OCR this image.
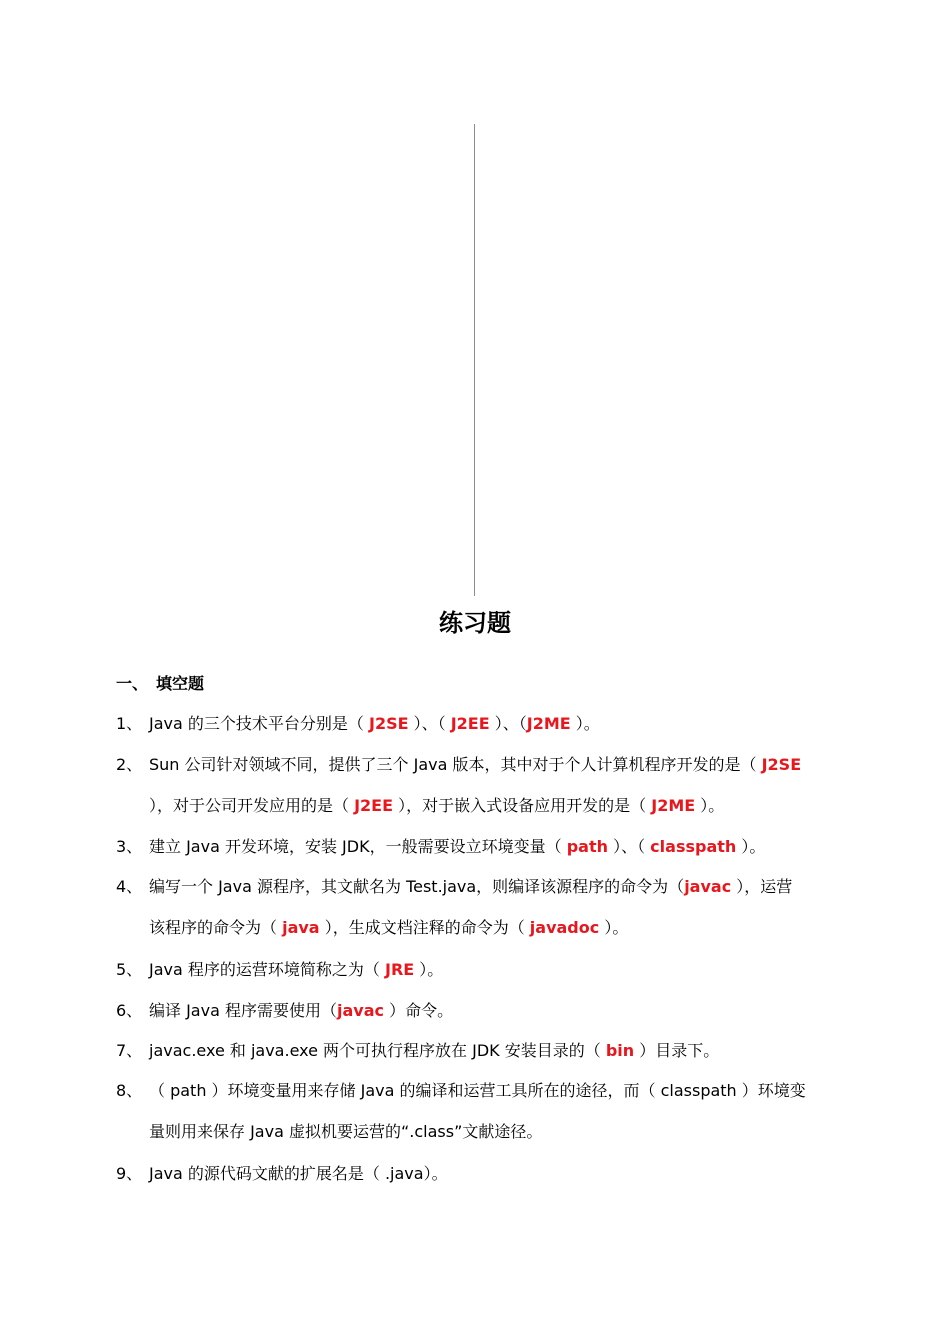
练习题
一、 填空题
1、 Java 的三个技术平台分别是（ J2SE ）、（ J2EE ）、（J2ME ）。
2、 Sun 公司针对领域不同，提供了三个 Java 版本，其中对于个人计算机程序开发的是（ J2SE
），对于公司开发应用的是（ J2EE ），对于嵌入式设备应用开发的是（ J2ME ）。
3、 建立 Java 开发环境，安装 JDK，一般需要设立环境变量（ path ）、（ classpath ）。
4、 编写一个 Java 源程序，其文献名为 Test.java，则编译该源程序的命令为（javac ），运营
该程序的命令为（ java ），生成文档注释的命令为（ javadoc ）。
5、 Java 程序的运营环境简称之为（ JRE ）。
6、 编译 Java 程序需要使用（javac ）命令。
7、 javac.exe 和 java.exe 两个可执行程序放在 JDK 安装目录的（ bin ）目录下。
8、 （ path ）环境变量用来存储 Java 的编译和运营工具所在的途径，而（ classpath ）环境变
量则用来保存 Java 虚拟机要运营的“.class”文献途径。
9、 Java 的源代码文献的扩展名是（ .java）。
